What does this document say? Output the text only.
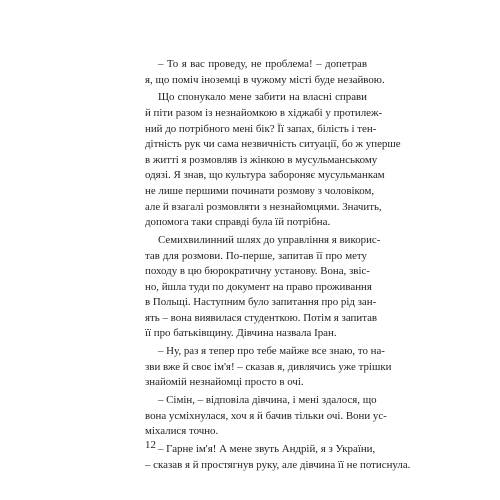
– То я вас проведу, не проблема! – допетрав
я, що поміч іноземці в чужому місті буде незайвою.
Що спонукало мене забити на власні справи
й піти разом із незнайомкою в хіджабі у протилеж-
ний до потрібного мені бік? Її запах, білість і тен-
дітність рук чи сама незвичність ситуації, бо ж уперше
в житті я розмовляв із жінкою в мусульманському
одязі. Я знав, що культура забороняє мусульманкам
не лише першими починати розмову з чоловіком,
але й взагалі розмовляти з незнайомцями. Значить,
допомога таки справді була їй потрібна.
Семихвилинний шлях до управління я викорис-
тав для розмови. По-перше, запитав її про мету
походу в цю бюрократичну установу. Вона, звіс-
но, йшла туди по документ на право проживання
в Польщі. Наступним було запитання про рід зан-
ять – вона виявилася студенткою. Потім я запитав
її про батьківщину. Дівчина назвала Іран.
– Ну, раз я тепер про тебе майже все знаю, то на-
зви вже й своє ім'я! – сказав я, дивлячись уже трішки
знайомій незнайомці просто в очі.
– Сімін, – відповіла дівчина, і мені здалося, що
вона усміхнулася, хоч я й бачив тільки очі. Вони ус-
міхалися точно.
– Гарне ім'я! А мене звуть Андрій, я з України,
– сказав я й простягнув руку, але дівчина її не потиснула.
12
